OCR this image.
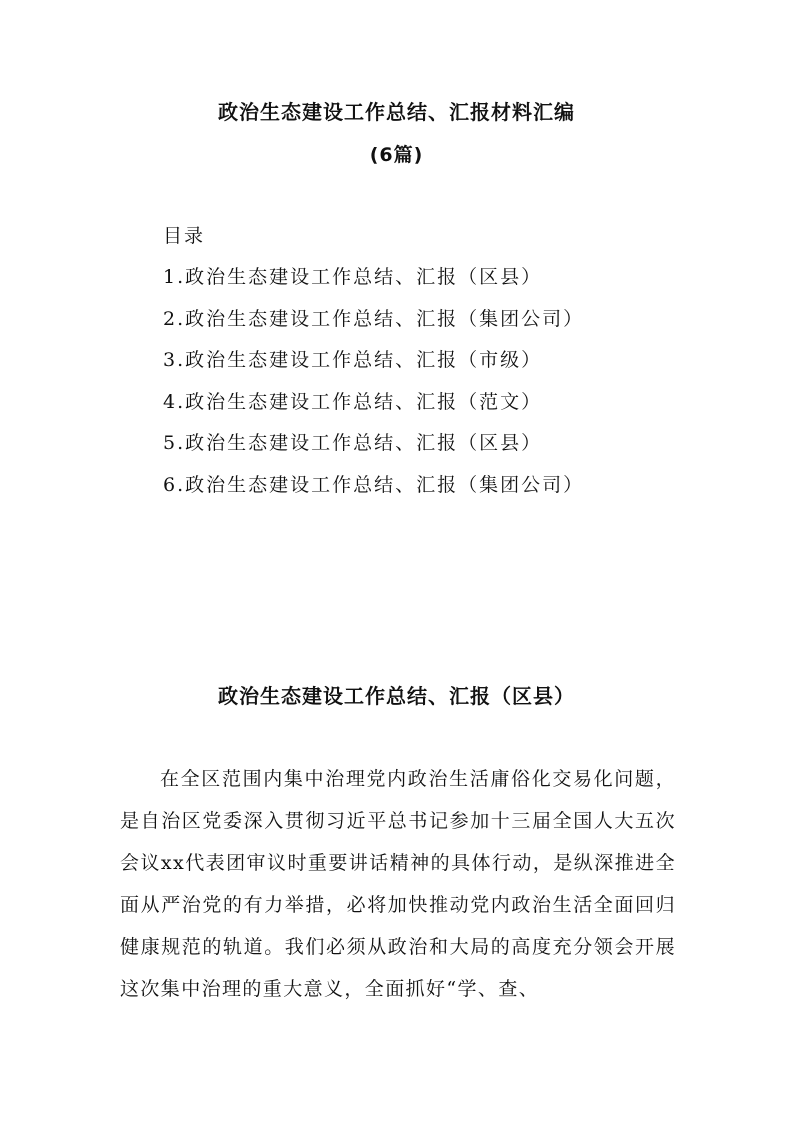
政治生态建设工作总结、汇报材料汇编
(6篇)
目录
1.政治生态建设工作总结、汇报（区县）
2.政治生态建设工作总结、汇报（集团公司）
3.政治生态建设工作总结、汇报（市级）
4.政治生态建设工作总结、汇报（范文）
5.政治生态建设工作总结、汇报（区县）
6.政治生态建设工作总结、汇报（集团公司）
政治生态建设工作总结、汇报（区县）

在全区范围内集中治理党内政治生活庸俗化交易化问题，是自治区党委深入贯彻习近平总书记参加十三届全国人大五次会议xx代表团审议时重要讲话精神的具体行动，是纵深推进全面从严治党的有力举措，必将加快推动党内政治生活全面回归健康规范的轨道。我们必须从政治和大局的高度充分领会开展这次集中治理的重大意义，全面抓好“学、查、
